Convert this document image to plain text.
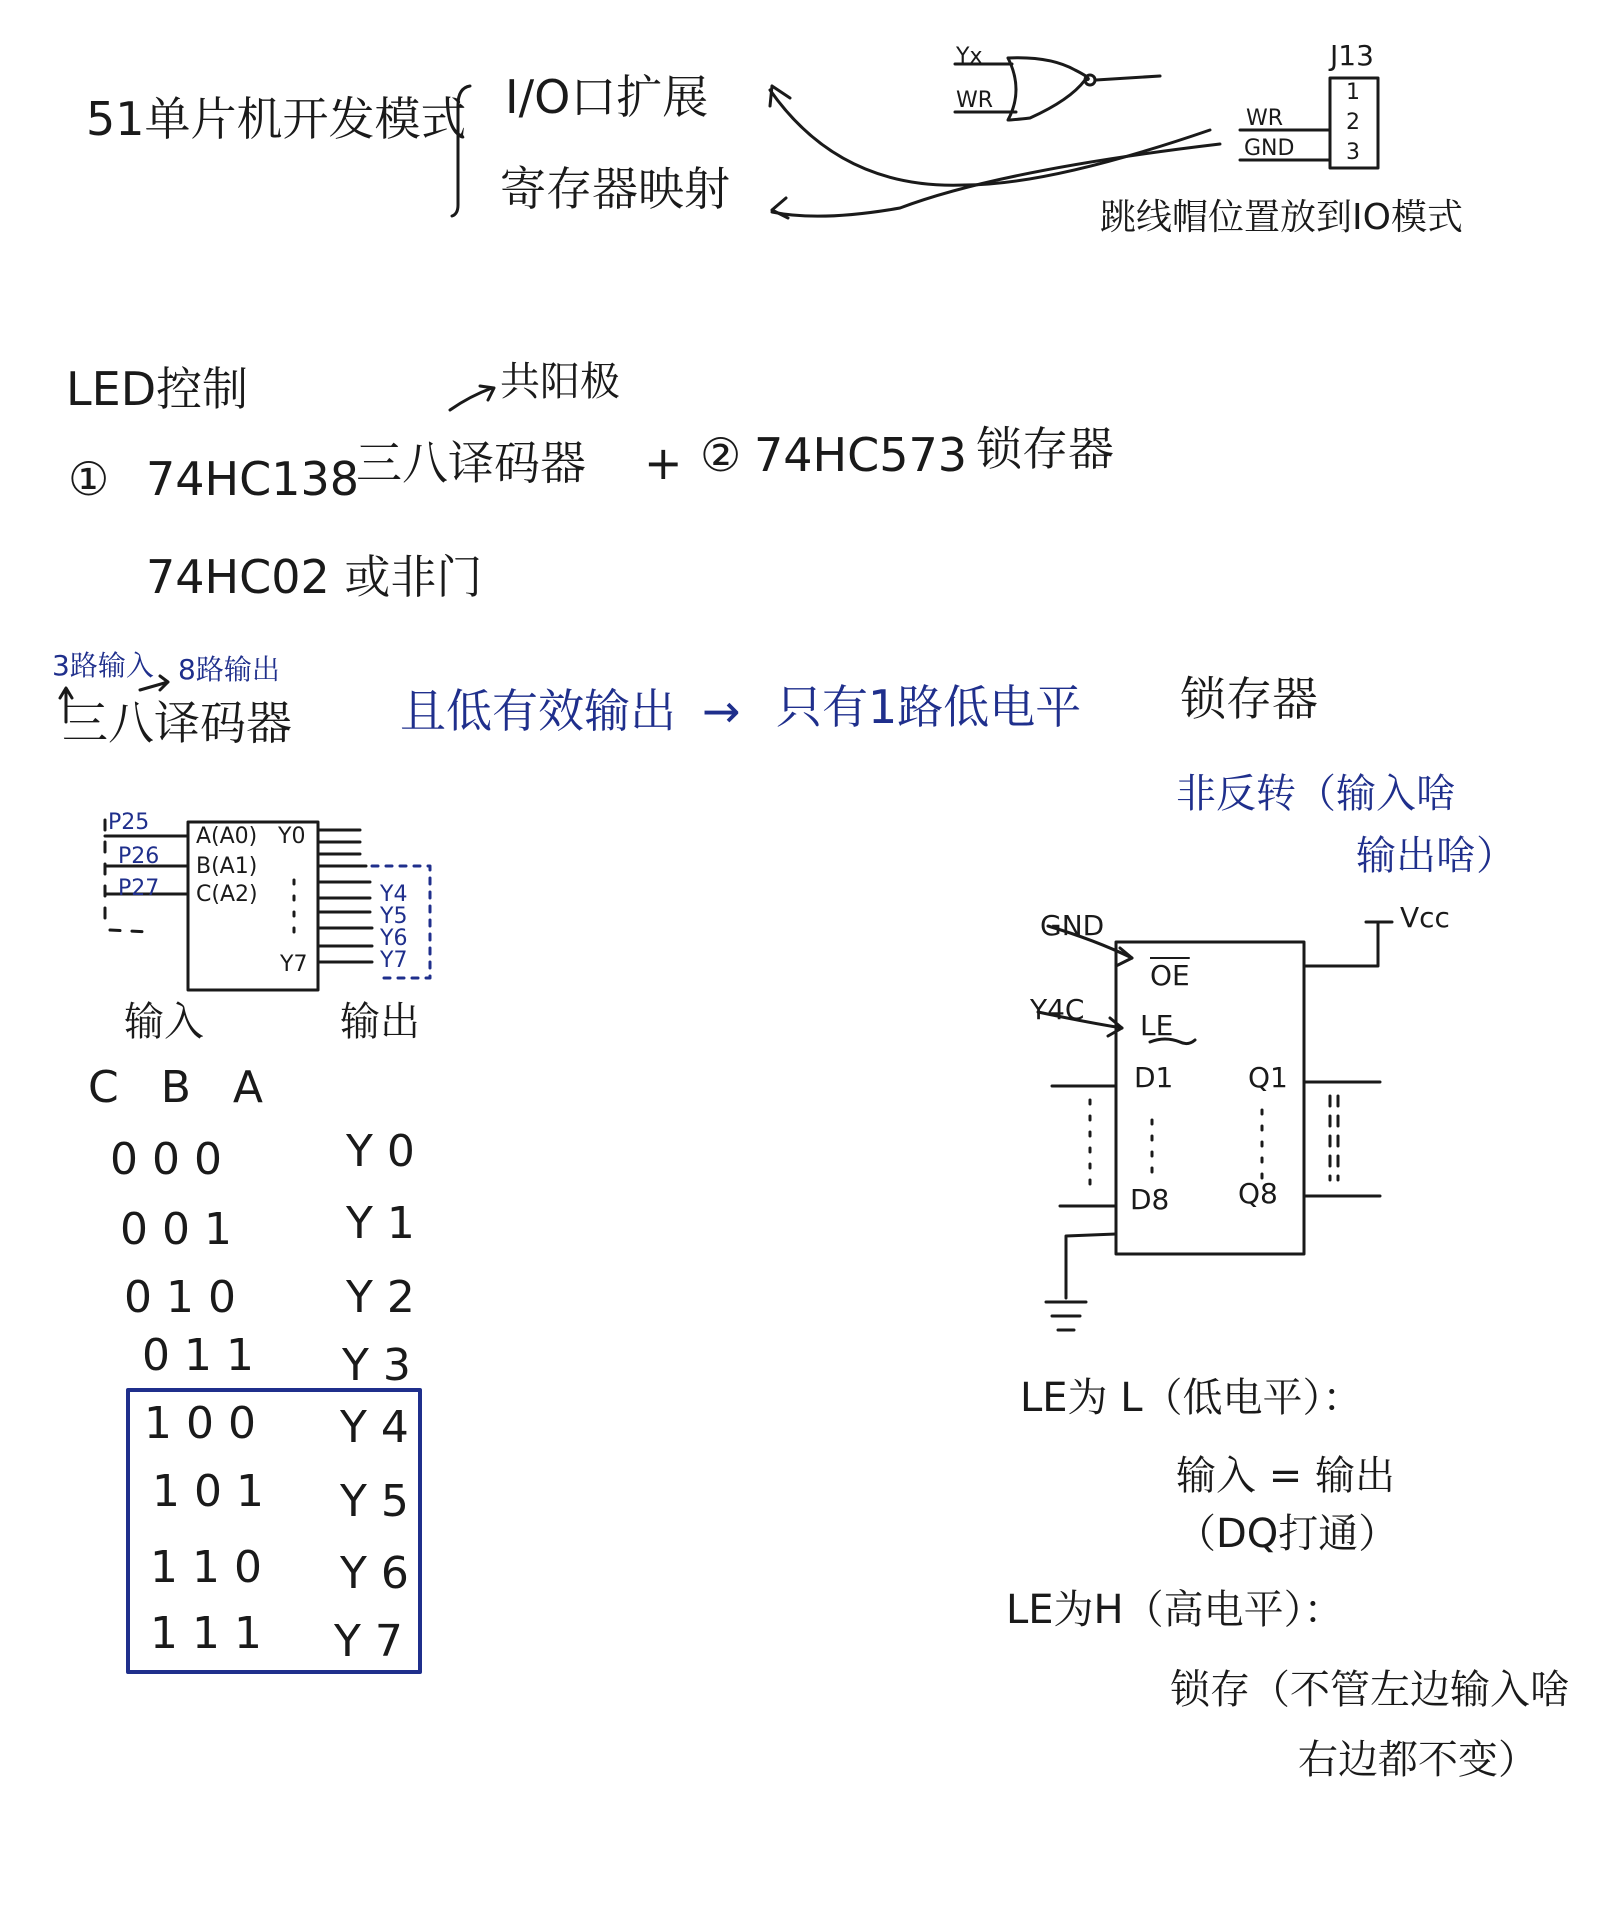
51单片机开发模式 I/O口扩展
寄存器映射
Yx
WR
J13
1
2
3
WR
GND
跳线帽位置放到IO模式
LED控制	共阳极
① 74HC138
三八译码器 + ② 74HC573 锁存器
74HC02 或非门
3路输入 8路输出
三八译码器 且低有效输出 → 只有1路低电平
P25
P26
P27
A(A0)
B(A1)
C(A2)
Y0
Y7
Y4
Y5
Y6
Y7
输入	输出
C B A
000	Y0
001 Y1
010 Y2
011 Y3
100 Y4
101 Y5
110 Y6
111 Y7
锁存器
非反转（输入啥
输出啥）
Vcc
GND
Y4C
$\overline{OE}$
LE
D1
D8
Q1
Q8
LE为 L（低电平）：
输入 = 输出
（DQ打通）
LE为H（高电平）：
锁存（不管左边输入啥
右边都不变）
